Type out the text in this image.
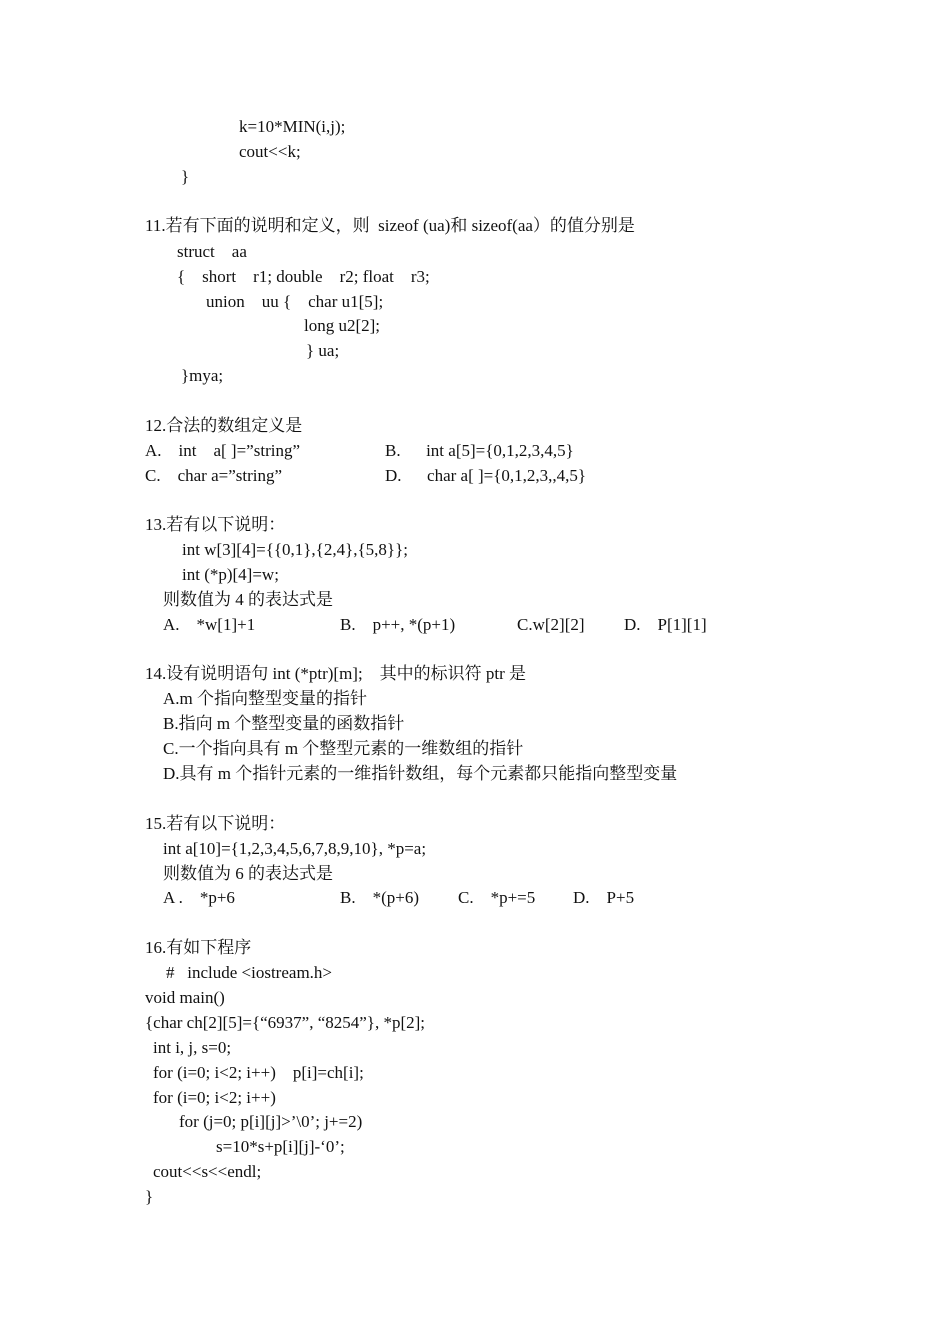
k=10*MIN(i,j);
cout<<k;
}
11.若有下面的说明和定义，则  sizeof (ua)和 sizeof(aa）的值分别是
struct    aa
{    short    r1; double    r2; float    r3;
union    uu {    char u1[5];
long u2[2];
} ua;
}mya;
12.合法的数组定义是
A.    int    a[ ]=”string”	B.      int a[5]={0,1,2,3,4,5}
C.    char a=”string”	D.      char a[ ]={0,1,2,3,,4,5}
13.若有以下说明：
int w[3][4]={{0,1},{2,4},{5,8}};
int (*p)[4]=w;
则数值为 4 的表达式是
A.    *w[1]+1	B.    p++, *(p+1)	C.w[2][2] D.    P[1][1]
14.设有说明语句 int (*ptr)[m];    其中的标识符 ptr 是
A.m 个指向整型变量的指针
B.指向 m 个整型变量的函数指针
C.一个指向具有 m 个整型元素的一维数组的指针
D.具有 m 个指针元素的一维指针数组，每个元素都只能指向整型变量
15.若有以下说明：
int a[10]={1,2,3,4,5,6,7,8,9,10}, *p=a;
则数值为 6 的表达式是
A .    *p+6	B.    *(p+6) C.    *p+=5 D.    P+5
16.有如下程序
#   include <iostream.h>
void main()
{char ch[2][5]={“6937”, “8254”}, *p[2];
int i, j, s=0;
for (i=0; i<2; i++)    p[i]=ch[i];
for (i=0; i<2; i++)
for (j=0; p[i][j]>’\0’; j+=2)
s=10*s+p[i][j]-‘0’;
cout<<s<<endl;
}
